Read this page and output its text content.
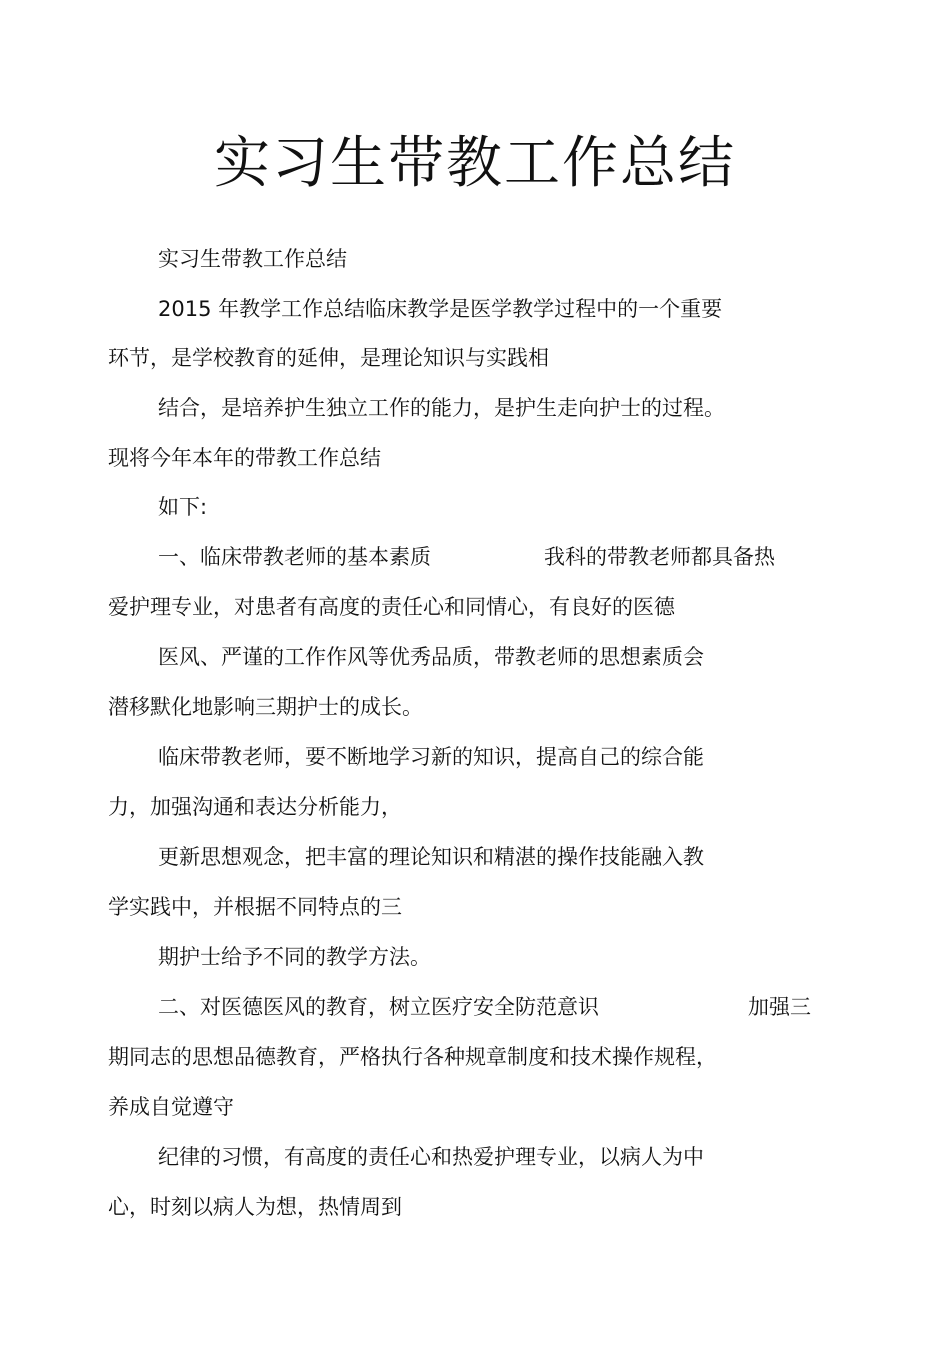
实习生带教工作总结
实习生带教工作总结
2015 年教学工作总结临床教学是医学教学过程中的一个重要
环节，是学校教育的延伸，是理论知识与实践相
结合，是培养护生独立工作的能力，是护生走向护士的过程。
现将今年本年的带教工作总结
如下:
一、临床带教老师的基本素质	我科的带教老师都具备热
爱护理专业，对患者有高度的责任心和同情心，有良好的医德
医风、严谨的工作作风等优秀品质，带教老师的思想素质会
潜移默化地影响三期护士的成长。
临床带教老师，要不断地学习新的知识，提高自己的综合能
力，加强沟通和表达分析能力，
更新思想观念，把丰富的理论知识和精湛的操作技能融入教
学实践中，并根据不同特点的三
期护士给予不同的教学方法。
二、对医德医风的教育，树立医疗安全防范意识	加强三
期同志的思想品德教育，严格执行各种规章制度和技术操作规程，
养成自觉遵守
纪律的习惯，有高度的责任心和热爱护理专业，以病人为中
心，时刻以病人为想，热情周到
